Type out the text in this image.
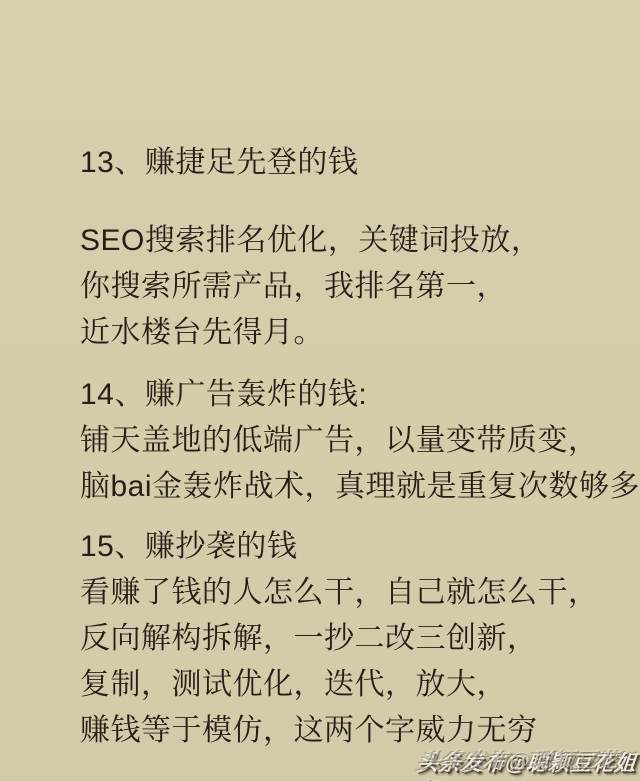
13、赚捷足先登的钱

SEO搜索排名优化，关键词投放，

你搜索所需产品，我排名第一，

近水楼台先得月。

14、赚广告轰炸的钱:

铺天盖地的低端广告，以量变带质变，

脑bai金轰炸战术，真理就是重复次数够多

15、赚抄袭的钱

看赚了钱的人怎么干，自己就怎么干，

反向解构拆解，一抄二改三创新，

复制，测试优化，迭代，放大，

赚钱等于模仿，这两个字威力无穷

头条发布@聪颖豆花姐 头条发布@聪颖豆花姐
